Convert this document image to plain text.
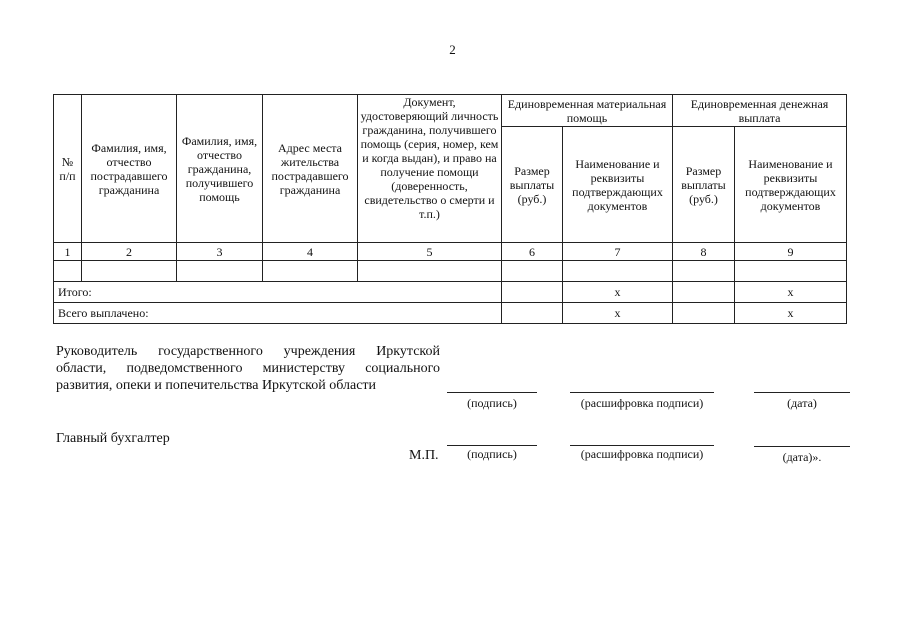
2
№ п/п	Фамилия, имя, отчество пострадавшего гражданина	Фамилия, имя, отчество гражданина, получившего помощь	Адрес места жительства пострадавшего гражданина	Документ, удостоверяющий личность гражданина, получившего помощь (серия, номер, кем и когда выдан), и право на получение помощи (доверенность, свидетельство о смерти и т.п.)	Единовременная материальная помощь		Единовременная денежная выплата	
					Размер выплаты (руб.)	Наименование и реквизиты подтверждающих документов	Размер выплаты (руб.)	Наименование и реквизиты подтверждающих документов
1	2	3	4	5	6	7	8	9

Итого:						х		х
Всего выплачено:						х		х
Руководитель государственного учреждения Иркутской области, подведомственного министерству социального развития, опеки и попечительства Иркутской области
(подпись)	(расшифровка подписи)	(дата)
Главный бухгалтер
М.П.	(подпись)	(расшифровка подписи)	(дата)».
